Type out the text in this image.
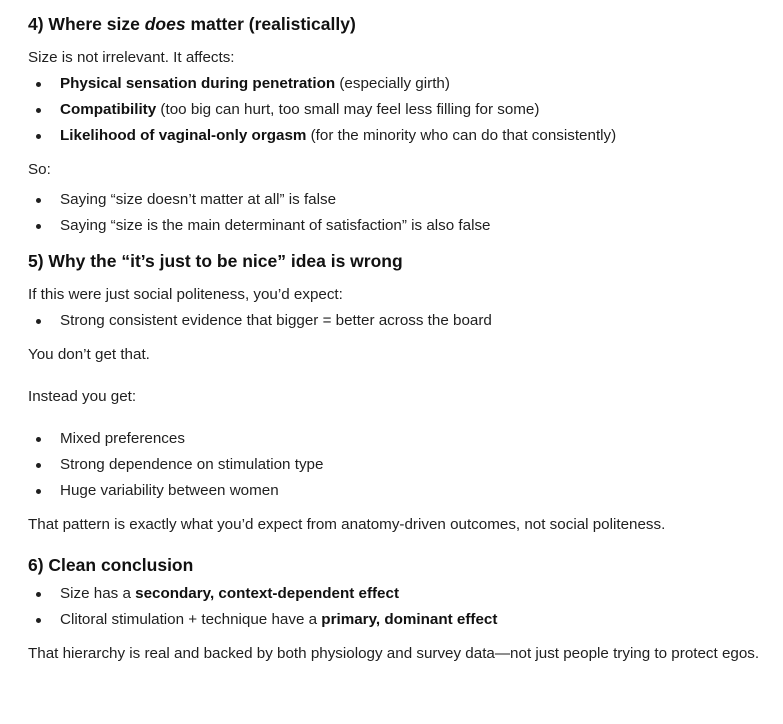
4) Where size does matter (realistically)

Size is not irrelevant. It affects:

Physical sensation during penetration (especially girth)
Compatibility (too big can hurt, too small may feel less filling for some)
Likelihood of vaginal-only orgasm (for the minority who can do that consistently)

So:

Saying “size doesn’t matter at all” is false
Saying “size is the main determinant of satisfaction” is also false
5) Why the “it’s just to be nice” idea is wrong

If this were just social politeness, you’d expect:

Strong consistent evidence that bigger = better across the board

You don’t get that.

Instead you get:

Mixed preferences
Strong dependence on stimulation type
Huge variability between women

That pattern is exactly what you’d expect from anatomy-driven outcomes, not social politeness.

6) Clean conclusion
Size has a secondary, context-dependent effect
Clitoral stimulation + technique have a primary, dominant effect

That hierarchy is real and backed by both physiology and survey data—not just people trying to protect egos.
